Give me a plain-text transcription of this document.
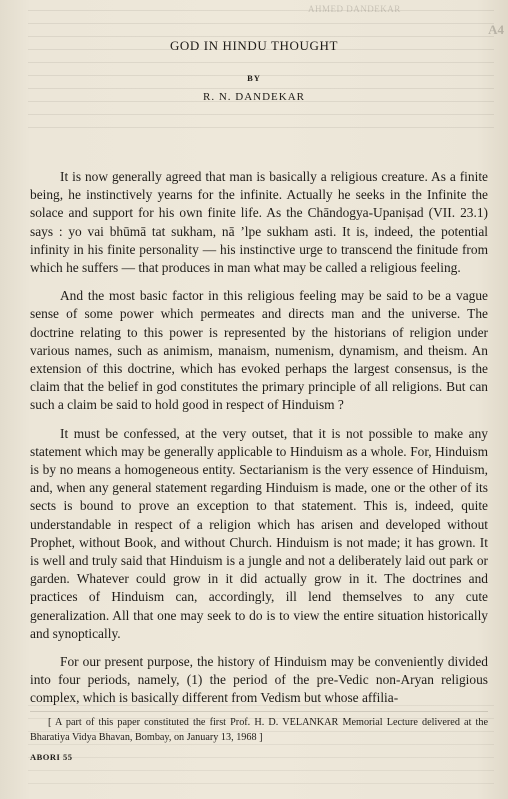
AHMED DANDEKAR
A4
GOD IN HINDU THOUGHT
BY
R. N. DANDEKAR

It is now generally agreed that man is basically a religious creature. As a finite being, he instinctively yearns for the infinite. Actually he seeks in the Infinite the solace and support for his own finite life. As the Chāndogya-Upaniṣad (VII. 23.1) says : yo vai bhūmā tat sukham, nā ’lpe sukham asti. It is, indeed, the potential infinity in his finite personality — his instinctive urge to transcend the finitude from which he suffers — that produces in man what may be called a religious feeling.

And the most basic factor in this religious feeling may be said to be a vague sense of some power which permeates and directs man and the universe. The doctrine relating to this power is represented by the historians of religion under various names, such as animism, manaism, numenism, dynamism, and theism. An extension of this doctrine, which has evoked perhaps the largest consensus, is the claim that the belief in god constitutes the primary principle of all religions. But can such a claim be said to hold good in respect of Hinduism ?

It must be confessed, at the very outset, that it is not possible to make any statement which may be generally applicable to Hinduism as a whole. For, Hinduism is by no means a homogeneous entity. Sectarianism is the very essence of Hinduism, and, when any general statement regarding Hinduism is made, one or the other of its sects is bound to prove an exception to that statement. This is, indeed, quite understandable in respect of a religion which has arisen and developed without Prophet, without Book, and without Church. Hinduism is not made; it has grown. It is well and truly said that Hinduism is a jungle and not a deliberately laid out park or garden. Whatever could grow in it did actually grow in it. The doctrines and practices of Hinduism can, accordingly, ill lend themselves to any cute generalization. All that one may seek to do is to view the entire situation historically and synoptically.

For our present purpose, the history of Hinduism may be conveniently divided into four periods, namely, (1) the period of the pre-Vedic non-Aryan religious complex, which is basically different from Vedism but whose affilia-

[ A part of this paper constituted the first Prof. H. D. VELANKAR Memorial Lecture delivered at the Bharatiya Vidya Bhavan, Bombay, on January 13, 1968 ]

ABORI 55
